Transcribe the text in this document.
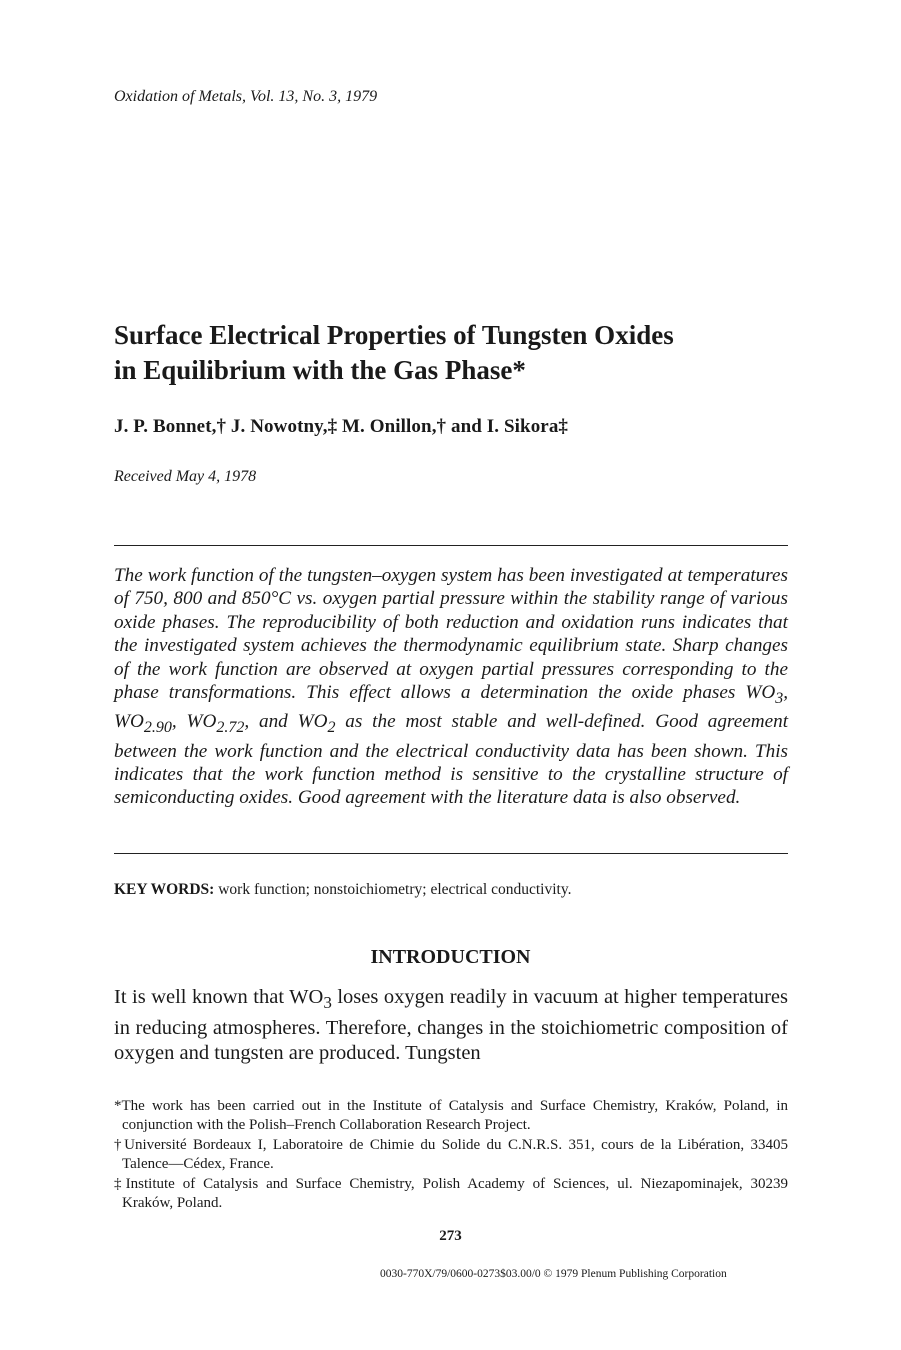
Oxidation of Metals, Vol. 13, No. 3, 1979
Surface Electrical Properties of Tungsten Oxides
in Equilibrium with the Gas Phase*
J. P. Bonnet,† J. Nowotny,‡ M. Onillon,† and I. Sikora‡
Received May 4, 1978
The work function of the tungsten–oxygen system has been investigated at temperatures of 750, 800 and 850°C vs. oxygen partial pressure within the stability range of various oxide phases. The reproducibility of both reduction and oxidation runs indicates that the investigated system achieves the thermodynamic equilibrium state. Sharp changes of the work function are observed at oxygen partial pressures corresponding to the phase transformations. This effect allows a determination the oxide phases $WO_3$, $WO_{2.90}$, $WO_{2.72}$, and $WO_2$ as the most stable and well-defined. Good agreement between the work function and the electrical conductivity data has been shown. This indicates that the work function method is sensitive to the crystalline structure of semiconducting oxides. Good agreement with the literature data is also observed.
KEY WORDS: work function; nonstoichiometry; electrical conductivity.
INTRODUCTION
It is well known that $WO_3$ loses oxygen readily in vacuum at higher temperatures in reducing atmospheres. Therefore, changes in the stoichiometric composition of oxygen and tungsten are produced. Tungsten
*The work has been carried out in the Institute of Catalysis and Surface Chemistry, Kraków, Poland, in conjunction with the Polish–French Collaboration Research Project.
†Université Bordeaux I, Laboratoire de Chimie du Solide du C.N.R.S. 351, cours de la Libération, 33405 Talence—Cédex, France.
‡Institute of Catalysis and Surface Chemistry, Polish Academy of Sciences, ul. Niezapominajek, 30239 Kraków, Poland.
273
0030-770X/79/0600-0273$03.00/0 © 1979 Plenum Publishing Corporation
